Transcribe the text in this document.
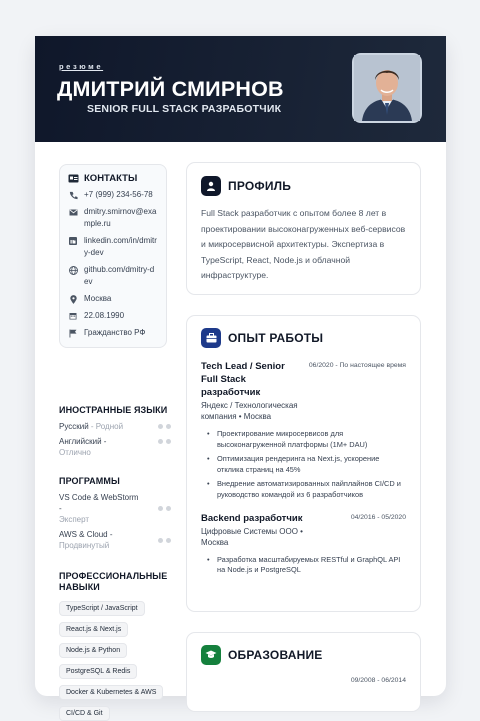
резюме
ДМИТРИЙ СМИРНОВ
SENIOR FULL STACK РАЗРАБОТЧИК
КОНТАКТЫ
+7 (999) 234-56-78
dmitry.smirnov@example.ru
linkedin.com/in/dmitry-dev
github.com/dmitry-dev
Москва
22.08.1990
Гражданство РФ
ИНОСТРАННЫЕ ЯЗЫКИ
Русский - Родной
Английский -
Отлично
ПРОГРАММЫ
VS Code & WebStorm -
Эксперт
AWS & Cloud -
Продвинутый
ПРОФЕССИОНАЛЬНЫЕ НАВЫКИ
TypeScript / JavaScript
React.js & Next.js
Node.js & Python
PostgreSQL & Redis
Docker & Kubernetes & AWS
CI/CD & Git
ПРОФИЛЬ
Full Stack разработчик с опытом более 8 лет в проектировании высоконагруженных веб-сервисов и микросервисной архитектуры. Экспертиза в TypeScript, React, Node.js и облачной инфраструктуре.
ОПЫТ РАБОТЫ
Tech Lead / Senior Full Stack разработчик
06/2020 - По настоящее время
Яндекс / Технологическая компания • Москва
• Проектирование микросервисов для высоконагруженной платформы (1M+ DAU)
• Оптимизация рендеринга на Next.js, ускорение отклика страниц на 45%
• Внедрение автоматизированных пайплайнов CI/CD и руководство командой из 6 разработчиков
Backend разработчик	04/2016 - 05/2020
Цифровые Системы ООО • Москва
• Разработка масштабируемых RESTful и GraphQL API на Node.js и PostgreSQL
ОБРАЗОВАНИЕ
09/2008 - 06/2014
